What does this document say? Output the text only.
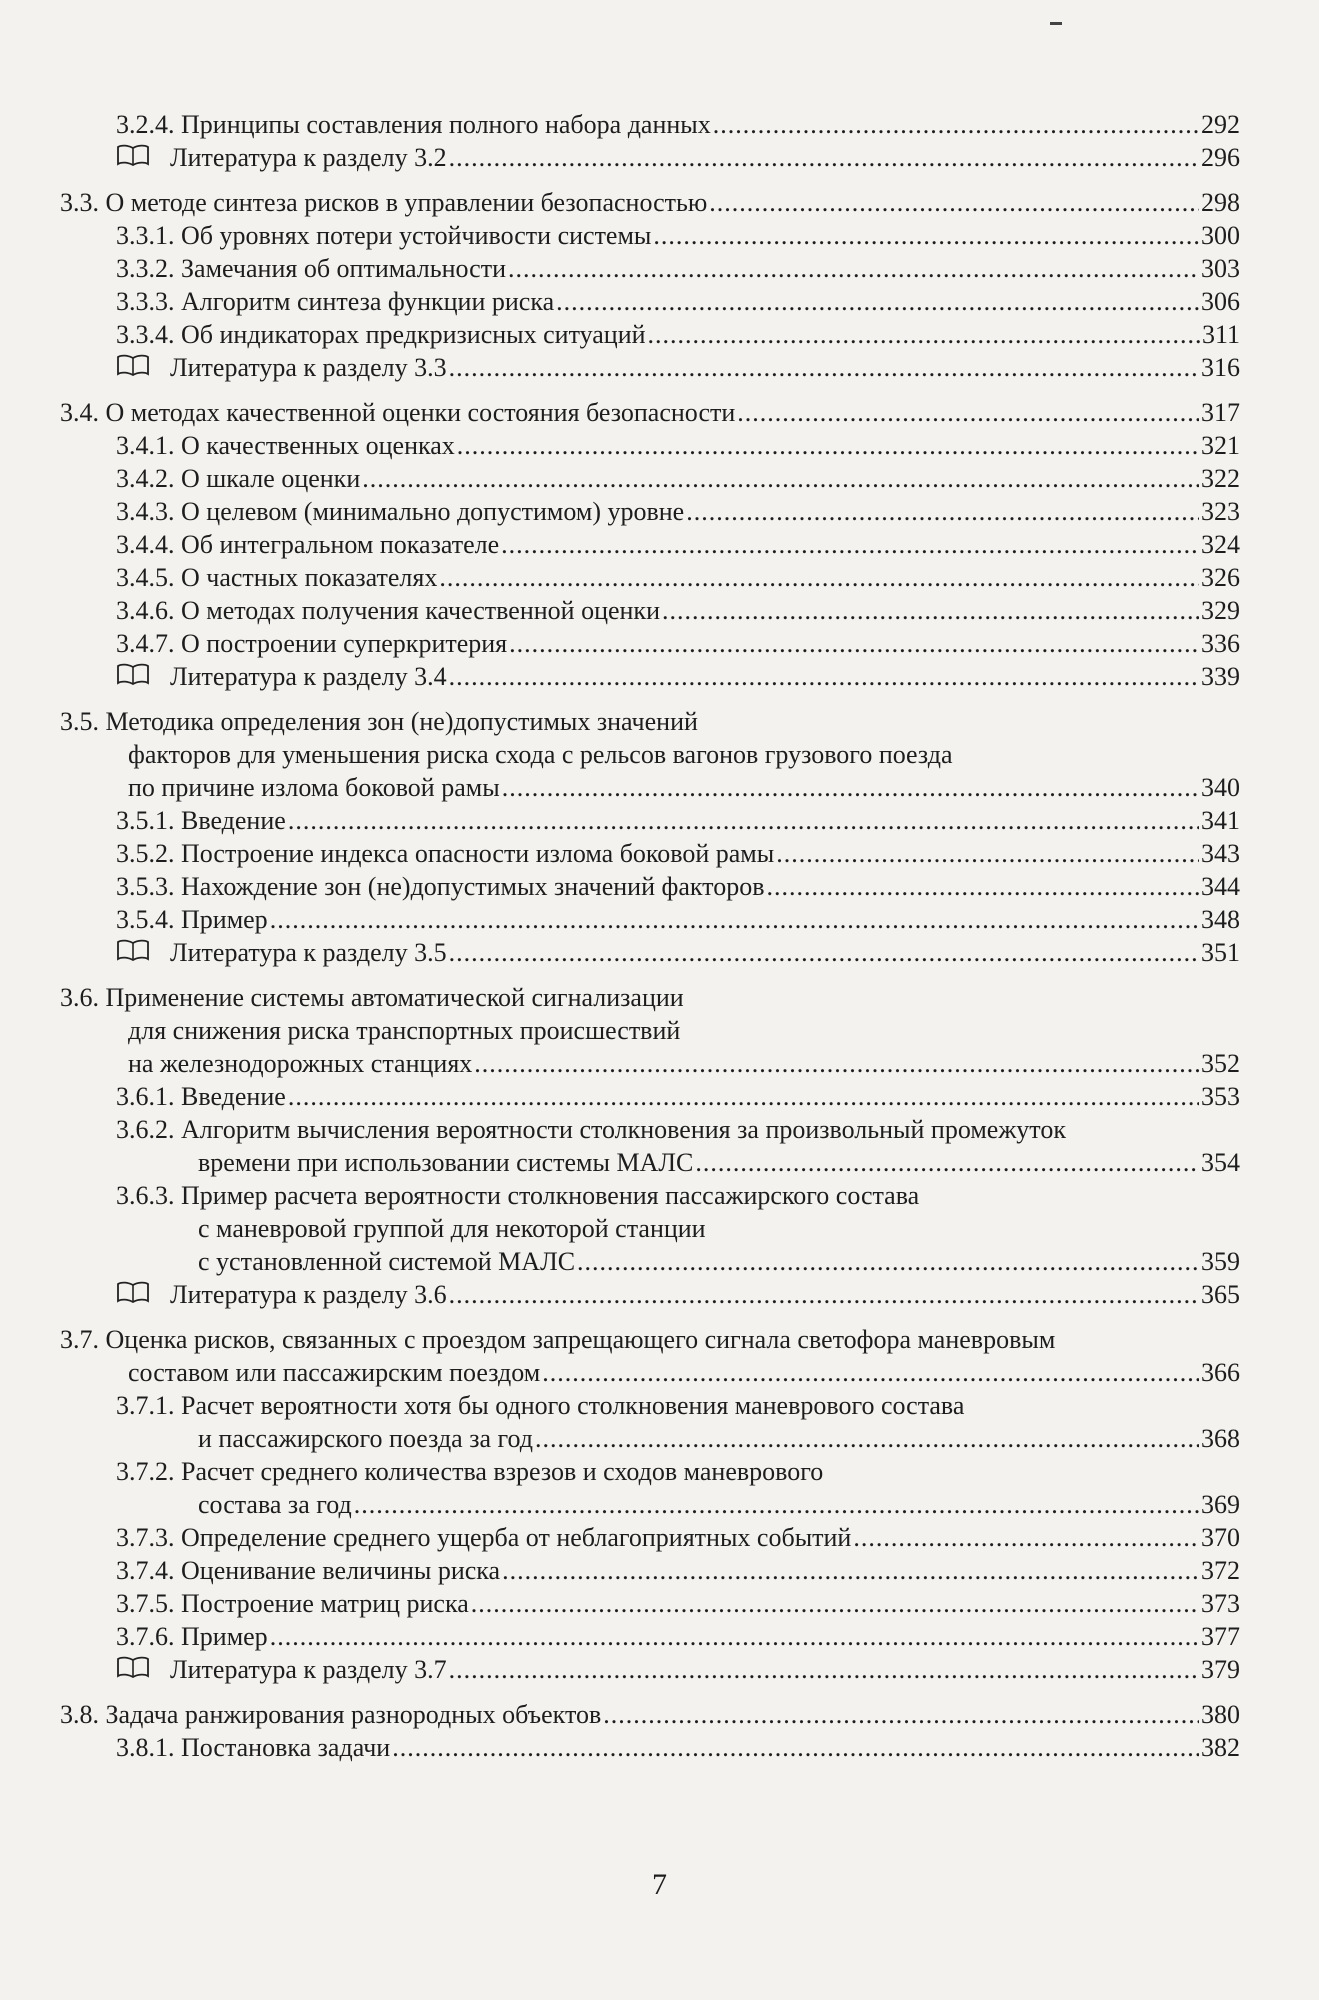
3.2.4. Принципы составления полного набора данных .....	292
Литература к разделу 3.2 .....	296
3.3. О методе синтеза рисков в управлении безопасностью .....	298
3.3.1. Об уровнях потери устойчивости системы .....	300
3.3.2. Замечания об оптимальности .....	303
3.3.3. Алгоритм синтеза функции риска .....	306
3.3.4. Об индикаторах предкризисных ситуаций .....	311
Литература к разделу 3.3 .....	316
3.4. О методах качественной оценки состояния безопасности .....	317
3.4.1. О качественных оценках .....	321
3.4.2. О шкале оценки .....	322
3.4.3. О целевом (минимально допустимом) уровне .....	323
3.4.4. Об интегральном показателе .....	324
3.4.5. О частных показателях .....	326
3.4.6. О методах получения качественной оценки .....	329
3.4.7. О построении суперкритерия .....	336
Литература к разделу 3.4 .....	339
3.5. Методика определения зон (не)допустимых значений
факторов для уменьшения риска схода с рельсов вагонов грузового поезда
по причине излома боковой рамы .....	340
3.5.1. Введение .....	341
3.5.2. Построение индекса опасности излома боковой рамы .....	343
3.5.3. Нахождение зон (не)допустимых значений факторов .....	344
3.5.4. Пример .....	348
Литература к разделу 3.5 .....	351
3.6. Применение системы автоматической сигнализации
для снижения риска транспортных происшествий
на железнодорожных станциях .....	352
3.6.1. Введение .....	353
3.6.2. Алгоритм вычисления вероятности столкновения за произвольный промежуток
времени при использовании системы МАЛС .....	354
3.6.3. Пример расчета вероятности столкновения пассажирского состава
с маневровой группой для некоторой станции
с установленной системой МАЛС .....	359
Литература к разделу 3.6 .....	365
3.7. Оценка рисков, связанных с проездом запрещающего сигнала светофора маневровым
составом или пассажирским поездом .....	366
3.7.1. Расчет вероятности хотя бы одного столкновения маневрового состава
и пассажирского поезда за год .....	368
3.7.2. Расчет среднего количества взрезов и сходов маневрового
состава за год .....	369
3.7.3. Определение среднего ущерба от неблагоприятных событий .....	370
3.7.4. Оценивание величины риска .....	372
3.7.5. Построение матриц риска .....	373
3.7.6. Пример .....	377
Литература к разделу 3.7 .....	379
3.8. Задача ранжирования разнородных объектов .....	380
3.8.1. Постановка задачи .....	382
7
